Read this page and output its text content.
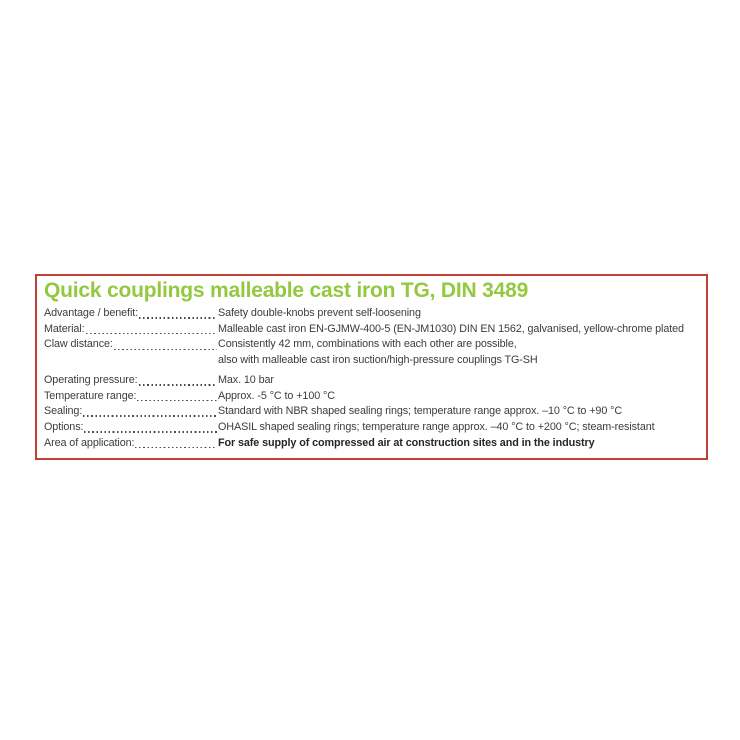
Quick couplings malleable cast iron TG, DIN 3489
Advantage / benefit:	Safety double-knobs prevent self-loosening
Material:	Malleable cast iron EN-GJMW-400-5 (EN-JM1030) DIN EN 1562, galvanised, yellow-chrome plated
Claw distance:	Consistently 42 mm, combinations with each other are possible,
also with malleable cast iron suction/high-pressure couplings TG-SH
Operating pressure:	Max. 10 bar
Temperature range:	Approx. -5 °C to +100 °C
Sealing:	Standard with NBR shaped sealing rings; temperature range approx. –10 °C to +90 °C
Options:	OHASIL shaped sealing rings; temperature range approx. –40 °C to +200 °C; steam-resistant
Area of application:	For safe supply of compressed air at construction sites and in the industry
